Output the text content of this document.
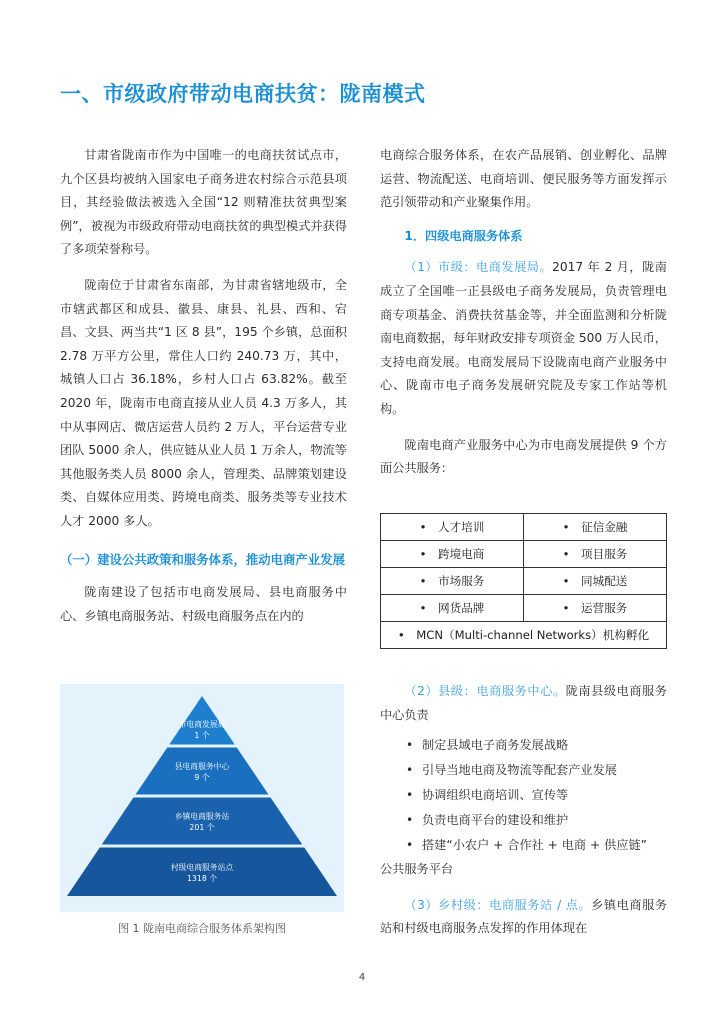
一、市级政府带动电商扶贫：陇南模式

甘肃省陇南市作为中国唯一的电商扶贫试点市，九个区县均被纳入国家电子商务进农村综合示范县项目，其经验做法被选入全国“12 则精准扶贫典型案例”，被视为市级政府带动电商扶贫的典型模式并获得了多项荣誉称号。

陇南位于甘肃省东南部，为甘肃省辖地级市，全市辖武都区和成县、徽县、康县、礼县、西和、宕昌、文县、两当共“1 区 8 县”，195 个乡镇，总面积 2.78 万平方公里，常住人口约 240.73 万，其中，城镇人口占 36.18%，乡村人口占 63.82%。截至 2020 年，陇南市电商直接从业人员 4.3 万多人，其中从事网店、微店运营人员约 2 万人，平台运营专业团队 5000 余人，供应链从业人员 1 万余人，物流等其他服务类人员 8000 余人，管理类、品牌策划建设类、自媒体应用类、跨境电商类、服务类等专业技术人才 2000 多人。

（一）建设公共政策和服务体系，推动电商产业发展

陇南建设了包括市电商发展局、县电商服务中心、乡镇电商服务站、村级电商服务点在内的

市电商发展局
1 个
县电商服务中心
9 个
乡镇电商服务站
201 个
村级电商服务站点
1318 个
图 1 陇南电商综合服务体系架构图

电商综合服务体系，在农产品展销、创业孵化、品牌运营、物流配送、电商培训、便民服务等方面发挥示范引领带动和产业聚集作用。

1．四级电商服务体系

（1）市级：电商发展局。2017 年 2 月，陇南成立了全国唯一正县级电子商务发展局，负责管理电商专项基金、消费扶贫基金等，并全面监测和分析陇南电商数据，每年财政安排专项资金 500 万人民币，支持电商发展。电商发展局下设陇南电商产业服务中心、陇南市电子商务发展研究院及专家工作站等机构。

陇南电商产业服务中心为市电商发展提供 9 个方面公共服务：

•　 人才培训	•　 征信金融
•　 跨境电商	•　 项目服务
•　 市场服务	•　 同城配送
•　 网货品牌	•　 运营服务
•　 MCN（Multi-channel Networks）机构孵化	

（2）县级：电商服务中心。陇南县级电商服务中心负责

• 制定县域电子商务发展战略
• 引导当地电商及物流等配套产业发展
• 协调组织电商培训、宣传等
• 负责电商平台的建设和维护
• 搭建“小农户 + 合作社 + 电商 + 供应链”

公共服务平台

（3）乡村级：电商服务站 / 点。乡镇电商服务站和村级电商服务点发挥的作用体现在

4
